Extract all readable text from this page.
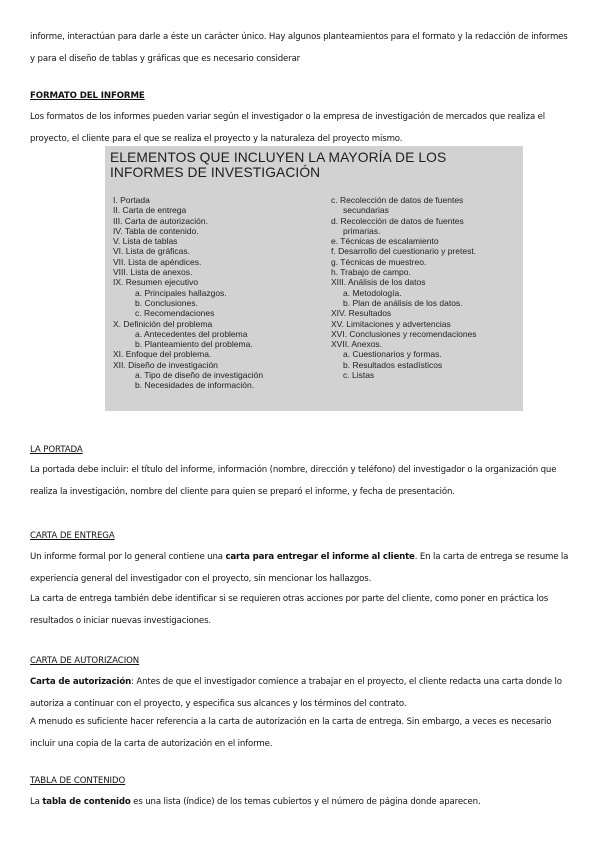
informe, interactúan para darle a éste un carácter único. Hay algunos planteamientos para el formato y la redacción de informes y para el diseño de tablas y gráficas que es necesario considerar
FORMATO DEL INFORME
Los formatos de los informes pueden variar según el investigador o la empresa de investigación de mercados que realiza el proyecto, el cliente para el que se realiza el proyecto y la naturaleza del proyecto mismo.
ELEMENTOS QUE INCLUYEN LA MAYORÍA DE LOS INFORMES DE INVESTIGACIÓN
I. Portada
II. Carta de entrega
III. Carta de autorización.
IV. Tabla de contenido.
V. Lista de tablas
VI. Lista de gráficas.
VII. Lista de apéndices.
VIII. Lista de anexos.
IX. Resumen ejecutivo
a. Principales hallazgos.
b. Conclusiones.
c. Recomendaciones
X. Definición del problema
a. Antecedentes del problema
b. Planteamiento del problema.
XI. Enfoque del problema.
XII. Diseño de investigación
a. Tipo de diseño de investigación
b. Necesidades de información.
c. Recolección de datos de fuentes
secundarias
d. Recolección de datos de fuentes
primarias.
e. Técnicas de escalamiento
f. Desarrollo del cuestionario y pretest.
g. Técnicas de muestreo.
h. Trabajo de campo.
XIII. Análisis de los datos
a. Metodología.
b. Plan de análisis de los datos.
XIV. Resultados
XV. Limitaciones y advertencias
XVI. Conclusiones y recomendaciones
XVII. Anexos.
a. Cuestionarios y formas.
b. Resultados estadísticos
c. Listas
LA PORTADA
La portada debe incluir: el título del informe, información (nombre, dirección y teléfono) del investigador o la organización que realiza la investigación, nombre del cliente para quien se preparó el informe, y fecha de presentación.
CARTA DE ENTREGA
Un informe formal por lo general contiene una carta para entregar el informe al cliente. En la carta de entrega se resume la experiencia general del investigador con el proyecto, sin mencionar los hallazgos.
La carta de entrega también debe identificar si se requieren otras acciones por parte del cliente, como poner en práctica los resultados o iniciar nuevas investigaciones.
CARTA DE AUTORIZACION
Carta de autorización: Antes de que el investigador comience a trabajar en el proyecto, el cliente redacta una carta donde lo autoriza a continuar con el proyecto, y especifica sus alcances y los términos del contrato.
A menudo es suficiente hacer referencia a la carta de autorización en la carta de entrega. Sin embargo, a veces es necesario incluir una copia de la carta de autorización en el informe.
TABLA DE CONTENIDO
La tabla de contenido es una lista (índice) de los temas cubiertos y el número de página donde aparecen.
